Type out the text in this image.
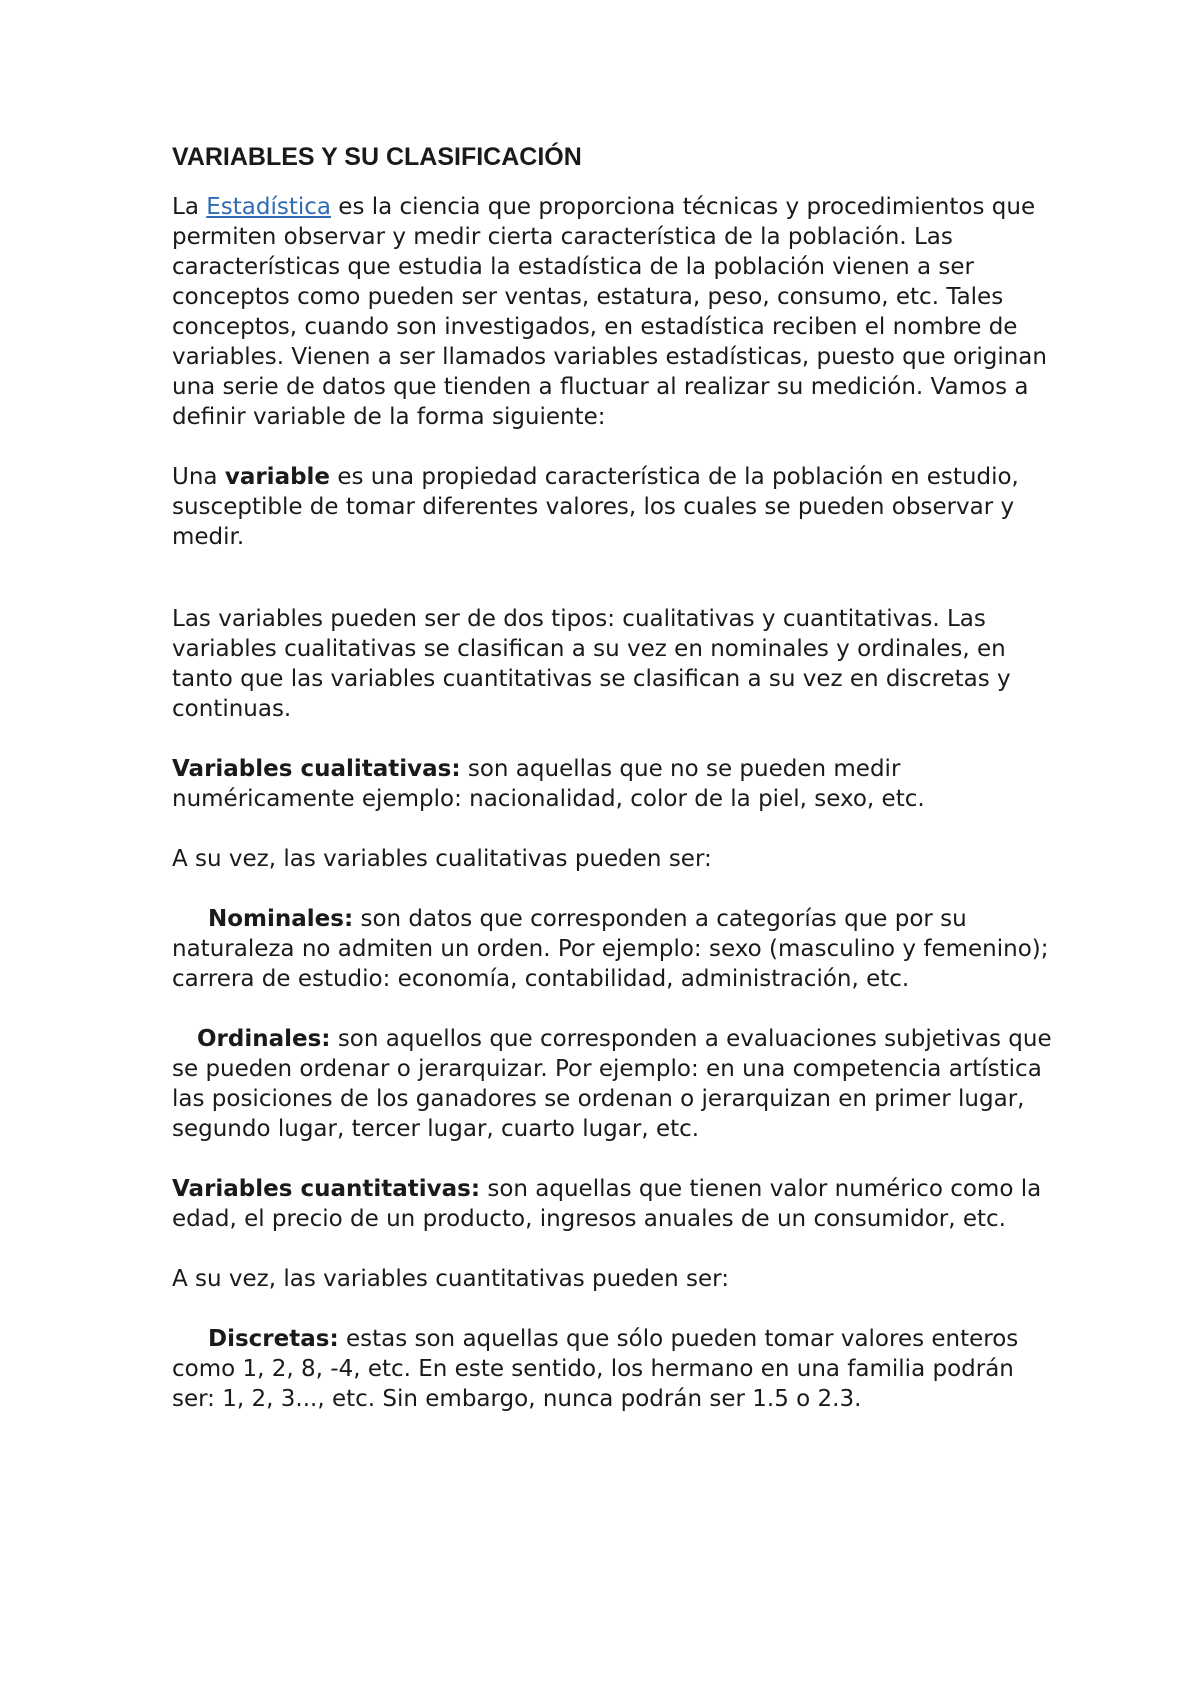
VARIABLES Y SU CLASIFICACIÓN

La Estadística es la ciencia que proporciona técnicas y procedimientos que permiten observar y medir cierta característica de la población. Las características que estudia la estadística de la población vienen a ser conceptos como pueden ser ventas, estatura, peso, consumo, etc. Tales conceptos, cuando son investigados, en estadística reciben el nombre de variables. Vienen a ser llamados variables estadísticas, puesto que originan una serie de datos que tienden a fluctuar al realizar su medición. Vamos a definir variable de la forma siguiente:

Una variable es una propiedad característica de la población en estudio, susceptible de tomar diferentes valores, los cuales se pueden observar y medir.

Las variables pueden ser de dos tipos: cualitativas y cuantitativas. Las variables cualitativas se clasifican a su vez en nominales y ordinales, en tanto que las variables cuantitativas se clasifican a su vez en discretas y continuas.

Variables cualitativas: son aquellas que no se pueden medir numéricamente ejemplo: nacionalidad, color de la piel, sexo, etc.

A su vez, las variables cualitativas pueden ser:

Nominales: son datos que corresponden a categorías que por su naturaleza no admiten un orden. Por ejemplo: sexo (masculino y femenino); carrera de estudio: economía, contabilidad, administración, etc.

Ordinales: son aquellos que corresponden a evaluaciones subjetivas que se pueden ordenar o jerarquizar. Por ejemplo: en una competencia artística las posiciones de los ganadores se ordenan o jerarquizan en primer lugar, segundo lugar, tercer lugar, cuarto lugar, etc.

Variables cuantitativas: son aquellas que tienen valor numérico como la edad, el precio de un producto, ingresos anuales de un consumidor, etc.

A su vez, las variables cuantitativas pueden ser:

Discretas: estas son aquellas que sólo pueden tomar valores enteros como 1, 2, 8, -4, etc. En este sentido, los hermano en una familia podrán ser: 1, 2, 3..., etc. Sin embargo, nunca podrán ser 1.5 o 2.3.
